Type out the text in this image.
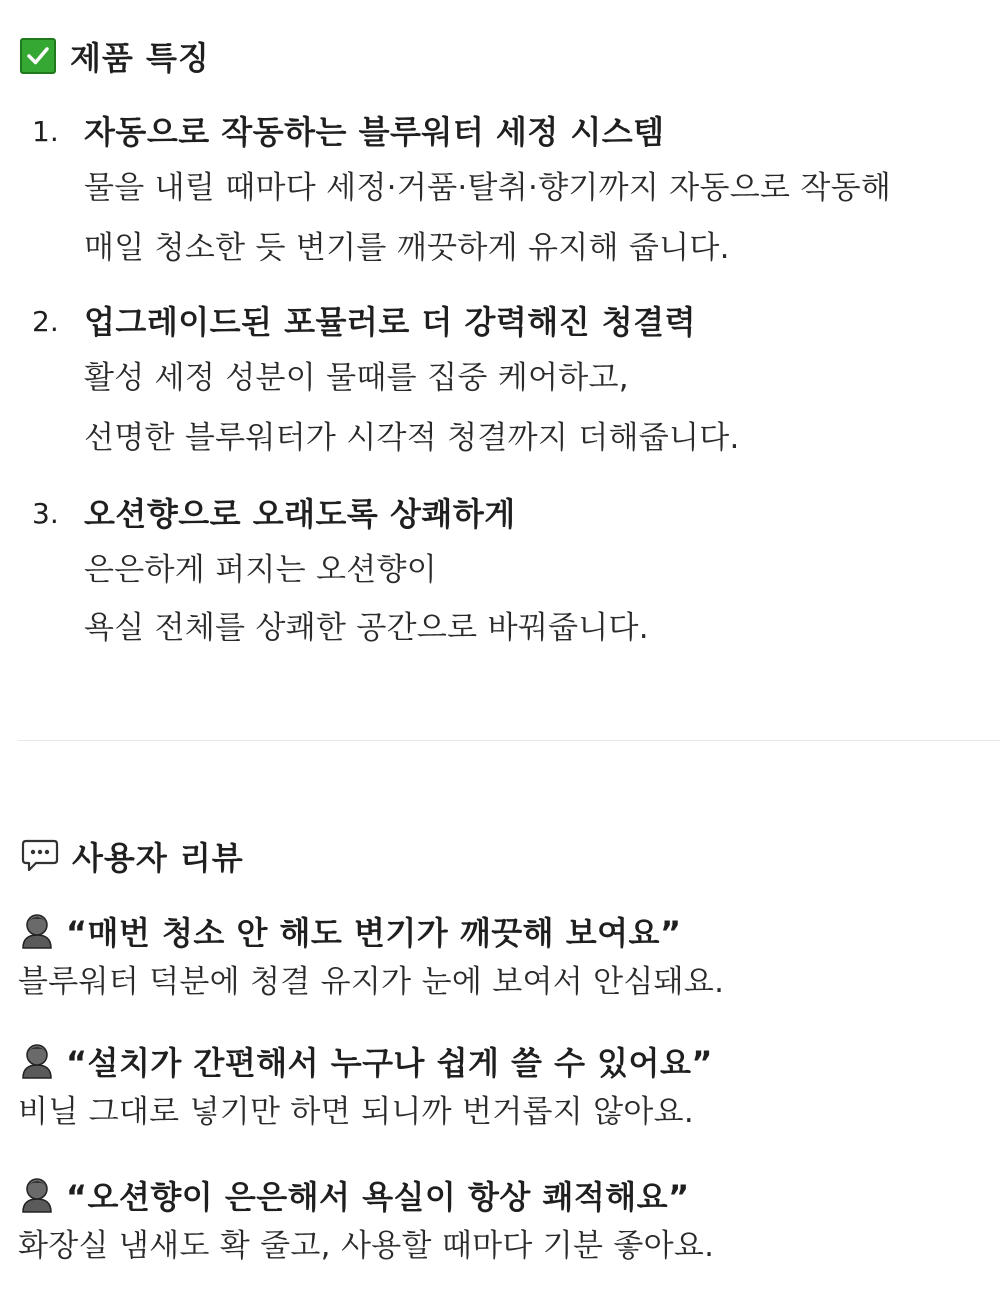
제품 특징
1. 자동으로 작동하는 블루워터 세정 시스템
물을 내릴 때마다 세정·거품·탈취·향기까지 자동으로 작동해
매일 청소한 듯 변기를 깨끗하게 유지해 줍니다.
2. 업그레이드된 포뮬러로 더 강력해진 청결력
활성 세정 성분이 물때를 집중 케어하고,
선명한 블루워터가 시각적 청결까지 더해줍니다.
3. 오션향으로 오래도록 상쾌하게
은은하게 퍼지는 오션향이
욕실 전체를 상쾌한 공간으로 바꿔줍니다.
사용자 리뷰
“매번 청소 안 해도 변기가 깨끗해 보여요”
블루워터 덕분에 청결 유지가 눈에 보여서 안심돼요.
“설치가 간편해서 누구나 쉽게 쓸 수 있어요”
비닐 그대로 넣기만 하면 되니까 번거롭지 않아요.
“오션향이 은은해서 욕실이 항상 쾌적해요”
화장실 냄새도 확 줄고, 사용할 때마다 기분 좋아요.
